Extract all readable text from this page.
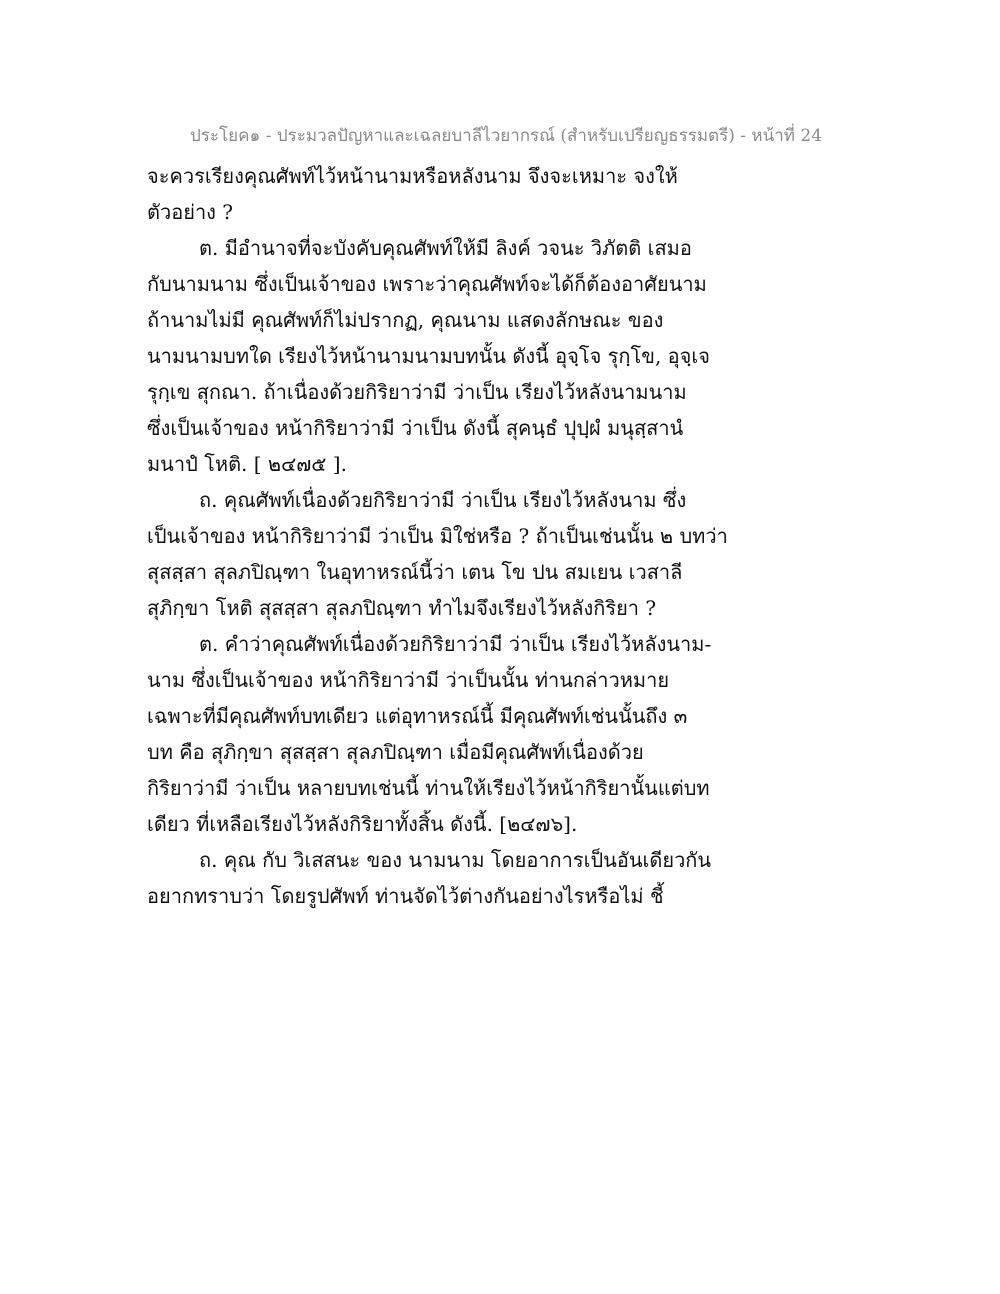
ประโยค๑ - ประมวลปัญหาและเฉลยบาลีไวยากรณ์ (สำหรับเปรียญธรรมตรี) - หน้าที่ 24
จะควรเรียงคุณศัพท์ไว้หน้านามหรือหลังนาม จึงจะเหมาะ จงให้
ตัวอย่าง ?
ต. มีอำนาจที่จะบังคับคุณศัพท์ให้มี ลิงค์ วจนะ วิภัตติ เสมอ
กับนามนาม ซึ่งเป็นเจ้าของ เพราะว่าคุณศัพท์จะได้ก็ต้องอาศัยนาม
ถ้านามไม่มี คุณศัพท์ก็ไม่ปรากฏ, คุณนาม แสดงลักษณะ ของ
นามนามบทใด เรียงไว้หน้านามนามบทนั้น ดังนี้ อุจฺโจ รุกฺโข, อุจฺเจ
รุกฺเข สุกณา. ถ้าเนื่องด้วยกิริยาว่ามี ว่าเป็น เรียงไว้หลังนามนาม
ซึ่งเป็นเจ้าของ หน้ากิริยาว่ามี ว่าเป็น ดังนี้ สุคนฺธํ ปุปฺผํ มนุสฺสานํ
มนาปํ โหติ. [ ๒๔๗๕ ].
ถ. คุณศัพท์เนื่องด้วยกิริยาว่ามี ว่าเป็น เรียงไว้หลังนาม ซึ่ง
เป็นเจ้าของ หน้ากิริยาว่ามี ว่าเป็น มิใช่หรือ ? ถ้าเป็นเช่นนั้น ๒ บทว่า
สุสสฺสา สุลภปิณฺฑา ในอุทาหรณ์นี้ว่า เตน โข ปน สมเยน เวสาลี
สุภิกฺขา โหติ สุสสฺสา สุลภปิณฺฑา ทำไมจึงเรียงไว้หลังกิริยา ?
ต. คำว่าคุณศัพท์เนื่องด้วยกิริยาว่ามี ว่าเป็น เรียงไว้หลังนาม-
นาม ซึ่งเป็นเจ้าของ หน้ากิริยาว่ามี ว่าเป็นนั้น ท่านกล่าวหมาย
เฉพาะที่มีคุณศัพท์บทเดียว แต่อุทาหรณ์นี้ มีคุณศัพท์เช่นนั้นถึง ๓
บท คือ สุภิกฺขา สุสสฺสา สุลภปิณฺฑา เมื่อมีคุณศัพท์เนื่องด้วย
กิริยาว่ามี ว่าเป็น หลายบทเช่นนี้ ท่านให้เรียงไว้หน้ากิริยานั้นแต่บท
เดียว ที่เหลือเรียงไว้หลังกิริยาทั้งสิ้น ดังนี้. [๒๔๗๖].
ถ. คุณ กับ วิเสสนะ ของ นามนาม โดยอาการเป็นอันเดียวกัน
อยากทราบว่า โดยรูปศัพท์ ท่านจัดไว้ต่างกันอย่างไรหรือไม่ ชี้
